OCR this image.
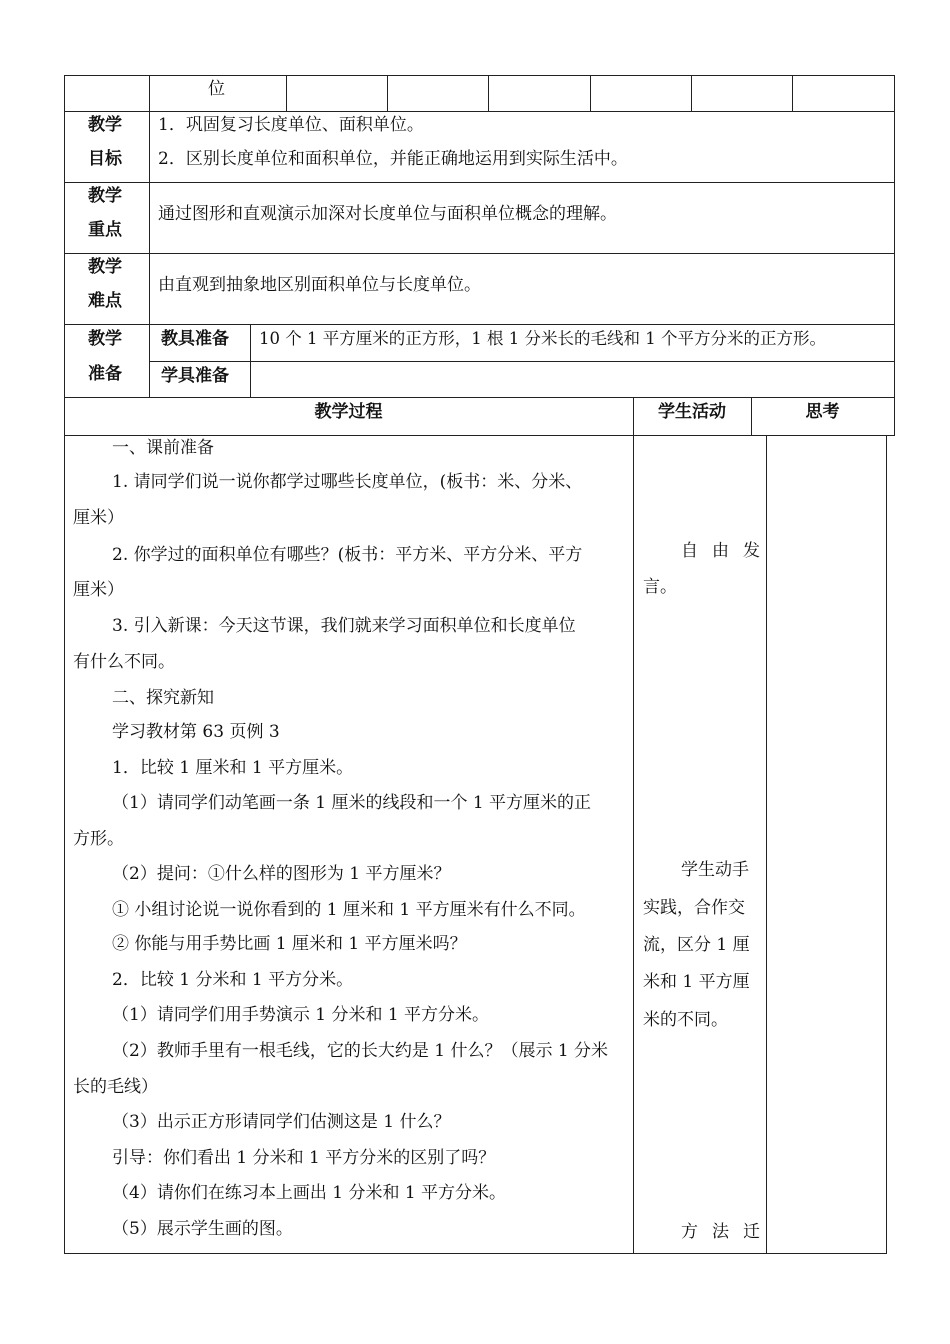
位
教学
目标
1．巩固复习长度单位、面积单位。
2．区别长度单位和面积单位，并能正确地运用到实际生活中。
教学
重点
通过图形和直观演示加深对长度单位与面积单位概念的理解。
教学
难点
由直观到抽象地区别面积单位与长度单位。
教学
准备
教具准备 10 个 1 平方厘米的正方形，1 根 1 分米长的毛线和 1 个平方分米的正方形。
学具准备
教学过程	学生活动	思考
一、课前准备
1. 请同学们说一说你都学过哪些长度单位，(板书：米、分米、
厘米）
2. 你学过的面积单位有哪些？(板书：平方米、平方分米、平方
厘米）
3. 引入新课：今天这节课，我们就来学习面积单位和长度单位
有什么不同。
二、探究新知
学习教材第 63 页例 3
1．比较 1 厘米和 1 平方厘米。
（1）请同学们动笔画一条 1 厘米的线段和一个 1 平方厘米的正
方形。
（2）提问：①什么样的图形为 1 平方厘米？
① 小组讨论说一说你看到的 1 厘米和 1 平方厘米有什么不同。
② 你能与用手势比画 1 厘米和 1 平方厘米吗？
2．比较 1 分米和 1 平方分米。
（1）请同学们用手势演示 1 分米和 1 平方分米。
（2）教师手里有一根毛线，它的长大约是 1 什么？（展示 1 分米
长的毛线）
（3）出示正方形请同学们估测这是 1 什么？
引导：你们看出 1 分米和 1 平方分米的区别了吗？
（4）请你们在练习本上画出 1 分米和 1 平方分米。
（5）展示学生画的图。
自由发
言。
学生动手
实践，合作交
流，区分 1 厘
米和 1 平方厘
米的不同。
方法迁
